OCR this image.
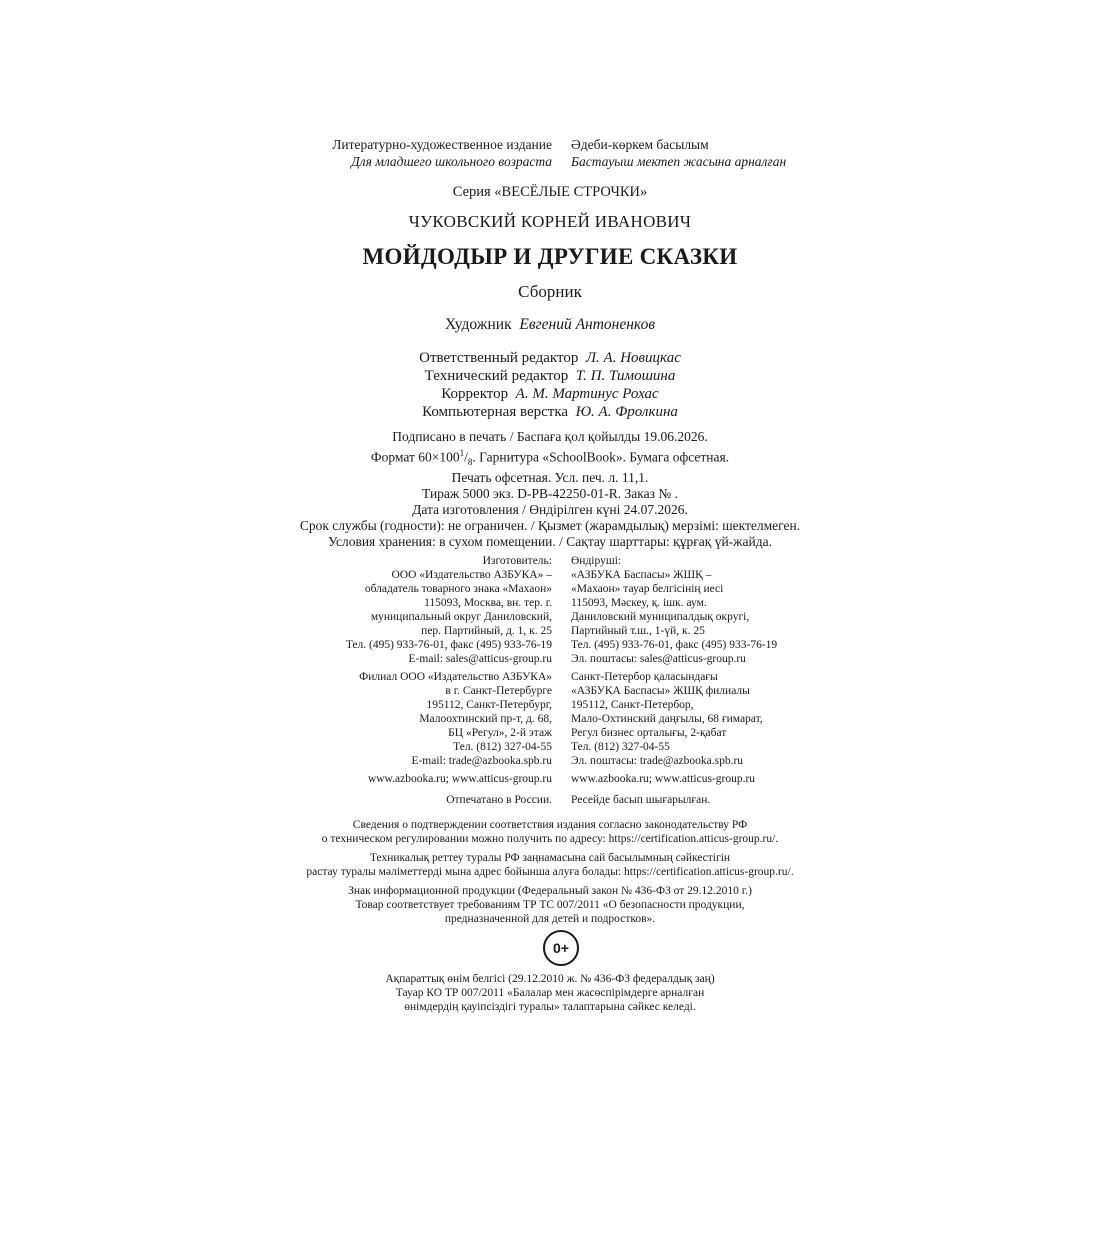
Литературно-художественное издание Әдеби-көркем басылым
Для младшего школьного возраста Бастауыш мектеп жасына арналған
Серия «ВЕСЁЛЫЕ СТРОЧКИ»
ЧУКОВСКИЙ КОРНЕЙ ИВАНОВИЧ
МОЙДОДЫР И ДРУГИЕ СКАЗКИ
Сборник
Художник Евгений Антоненков
Ответственный редактор Л. А. Новицкас
Технический редактор Т. П. Тимошина
Корректор А. М. Мартинус Рохас
Компьютерная верстка Ю. А. Фролкина
Подписано в печать / Баспаға қол қойылды 19.06.2026.
Формат $60\times 100^1/_8$. Гарнитура «SchoolBook». Бумага офсетная.
Печать офсетная. Усл. печ. л. 11,1.
Тираж 5000 экз. D-PB-42250-01-R. Заказ № .
Дата изготовления / Өндірілген күні 24.07.2026.
Срок службы (годности): не ограничен. / Қызмет (жарамдылық) мерзімі: шектелмеген.
Условия хранения: в сухом помещении. / Сақтау шарттары: құрғақ үй-жайда.
Изготовитель:
ООО «Издательство АЗБУКА» –
обладатель товарного знака «Махаон»
115093, Москва, вн. тер. г.
муниципальный округ Даниловский,
пер. Партийный, д. 1, к. 25
Тел. (495) 933-76-01, факс (495) 933-76-19
E-mail: sales@atticus-group.ru
Өндіруші:
«АЗБУКА Баспасы» ЖШҚ –
«Махаон» тауар белгісінің иесі
115093, Мәскеу, қ. ішк. аум.
Даниловский муниципалдық округі,
Партийный т.ш., 1-үй, к. 25
Тел. (495) 933-76-01, факс (495) 933-76-19
Эл. поштасы: sales@atticus-group.ru
Филиал ООО «Издательство АЗБУКА»
в г. Санкт-Петербурге
195112, Санкт-Петербург,
Малоохтинский пр-т, д. 68,
БЦ «Регул», 2-й этаж
Тел. (812) 327-04-55
E-mail: trade@azbooka.spb.ru
Санкт-Петербор қаласындағы
«АЗБУКА Баспасы» ЖШҚ филиалы
195112, Санкт-Петербор,
Мало-Охтинский даңғылы, 68 ғимарат,
Регул бизнес орталығы, 2-қабат
Тел. (812) 327-04-55
Эл. поштасы: trade@azbooka.spb.ru
www.azbooka.ru; www.atticus-group.ru www.azbooka.ru; www.atticus-group.ru
Отпечатано в России. Ресейде басып шығарылған.
Сведения о подтверждении соответствия издания согласно законодательству РФ
о техническом регулировании можно получить по адресу: https://certification.atticus-group.ru/.
Техникалық реттеу туралы РФ заңнамасына сай басылымның сәйкестігін
растау туралы мәліметтерді мына адрес бойынша алуға болады: https://certification.atticus-group.ru/.
Знак информационной продукции (Федеральный закон № 436-ФЗ от 29.12.2010 г.)
Товар соответствует требованиям ТР ТС 007/2011 «О безопасности продукции,
предназначенной для детей и подростков».
0+
Ақпараттық өнім белгісі (29.12.2010 ж. № 436-ФЗ федералдық заң)
Тауар КО ТР 007/2011 «Балалар мен жасөспірімдерге арналған
өнімдердің қауіпсіздігі туралы» талаптарына сәйкес келеді.
